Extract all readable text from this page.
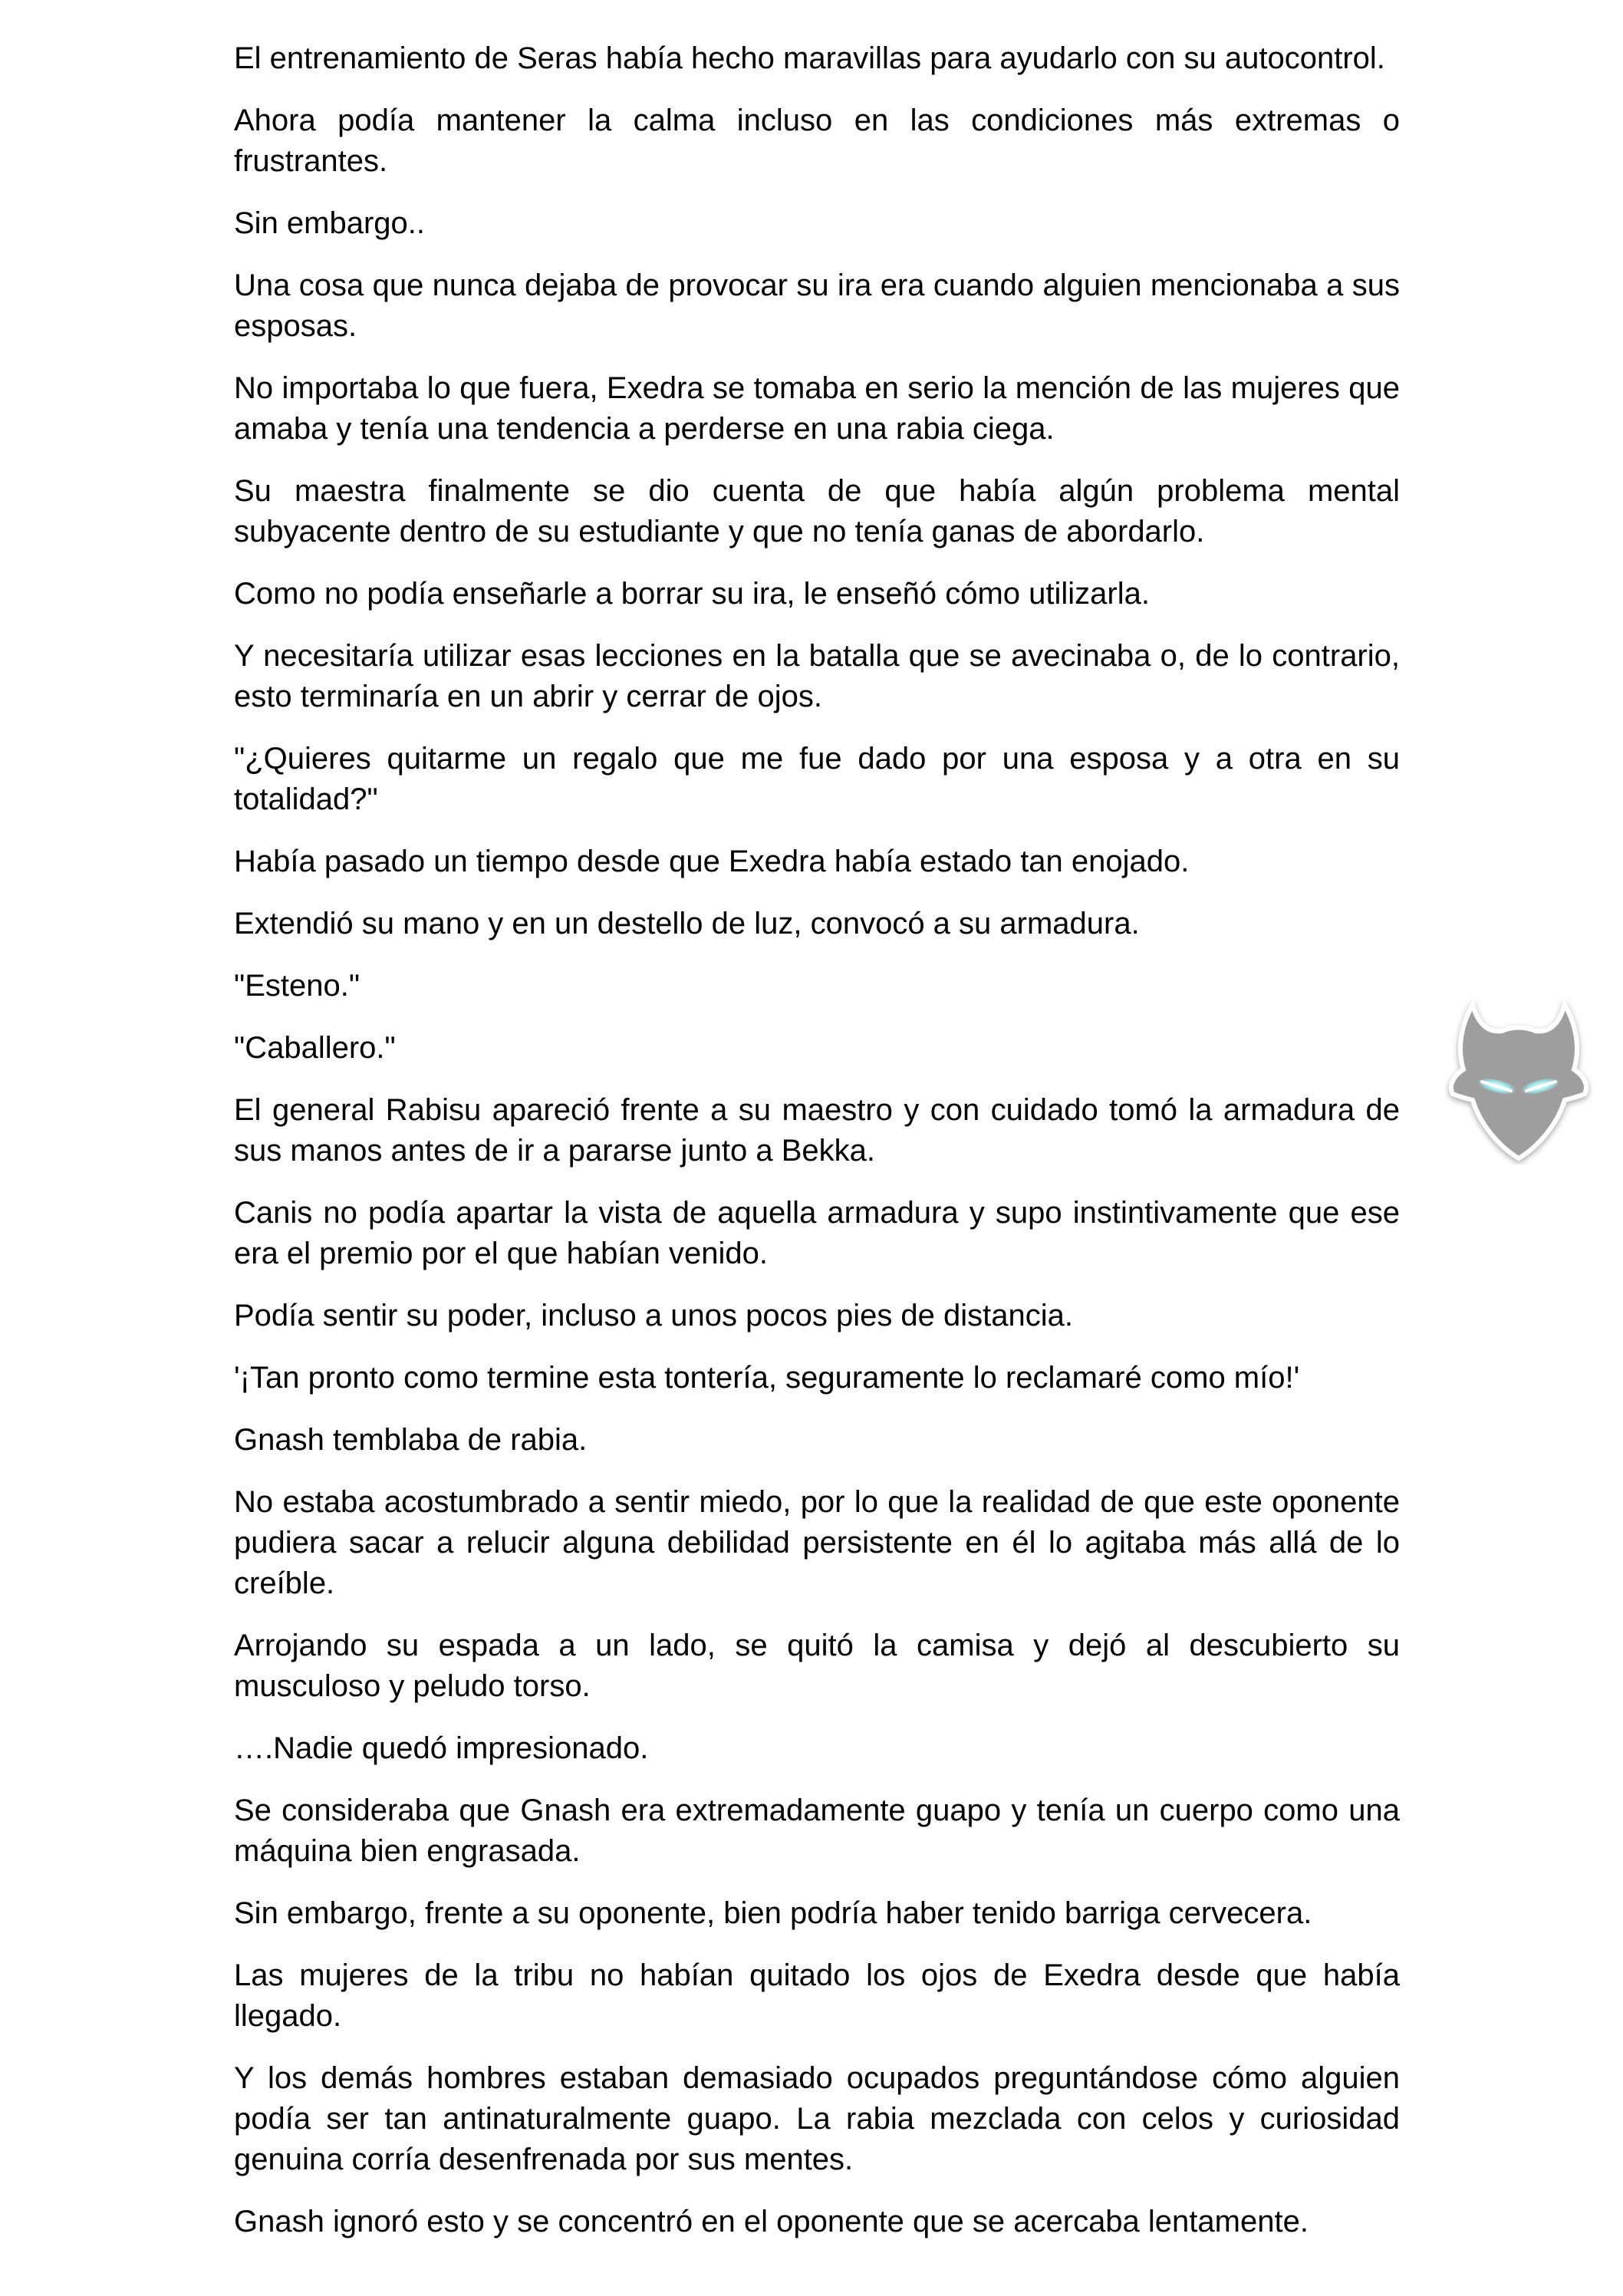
El entrenamiento de Seras había hecho maravillas para ayudarlo con su autocontrol.

Ahora podía mantener la calma incluso en las condiciones más extremas o frustrantes.

Sin embargo..

Una cosa que nunca dejaba de provocar su ira era cuando alguien mencionaba a sus esposas.

No importaba lo que fuera, Exedra se tomaba en serio la mención de las mujeres que amaba y tenía una tendencia a perderse en una rabia ciega.

Su maestra finalmente se dio cuenta de que había algún problema mental subyacente dentro de su estudiante y que no tenía ganas de abordarlo.

Como no podía enseñarle a borrar su ira, le enseñó cómo utilizarla.

Y necesitaría utilizar esas lecciones en la batalla que se avecinaba o, de lo contrario, esto terminaría en un abrir y cerrar de ojos.

"¿Quieres quitarme un regalo que me fue dado por una esposa y a otra en su totalidad?"

Había pasado un tiempo desde que Exedra había estado tan enojado.

Extendió su mano y en un destello de luz, convocó a su armadura.

"Esteno."

"Caballero."

El general Rabisu apareció frente a su maestro y con cuidado tomó la armadura de sus manos antes de ir a pararse junto a Bekka.

Canis no podía apartar la vista de aquella armadura y supo instintivamente que ese era el premio por el que habían venido.

Podía sentir su poder, incluso a unos pocos pies de distancia.

'¡Tan pronto como termine esta tontería, seguramente lo reclamaré como mío!'

Gnash temblaba de rabia.

No estaba acostumbrado a sentir miedo, por lo que la realidad de que este oponente pudiera sacar a relucir alguna debilidad persistente en él lo agitaba más allá de lo creíble.

Arrojando su espada a un lado, se quitó la camisa y dejó al descubierto su musculoso y peludo torso.

….Nadie quedó impresionado.

Se consideraba que Gnash era extremadamente guapo y tenía un cuerpo como una máquina bien engrasada.

Sin embargo, frente a su oponente, bien podría haber tenido barriga cervecera.

Las mujeres de la tribu no habían quitado los ojos de Exedra desde que había llegado.

Y los demás hombres estaban demasiado ocupados preguntándose cómo alguien podía ser tan antinaturalmente guapo. La rabia mezclada con celos y curiosidad genuina corría desenfrenada por sus mentes.

Gnash ignoró esto y se concentró en el oponente que se acercaba lentamente.
